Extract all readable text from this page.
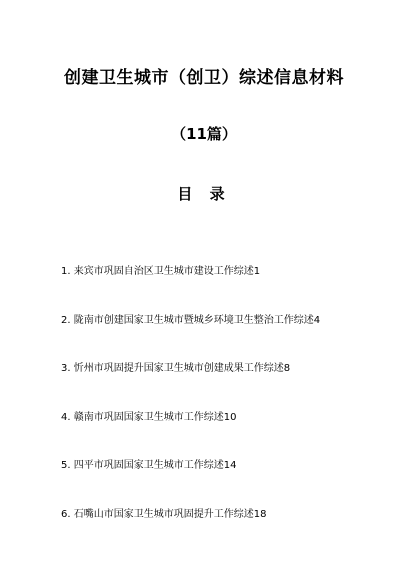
创建卫生城市（创卫）综述信息材料
（11篇）
目 录
1. 来宾市巩固自治区卫生城市建设工作综述1
2. 陇南市创建国家卫生城市暨城乡环境卫生整治工作综述4
3. 忻州市巩固提升国家卫生城市创建成果工作综述8
4. 赣南市巩固国家卫生城市工作综述10
5. 四平市巩固国家卫生城市工作综述14
6. 石嘴山市国家卫生城市巩固提升工作综述18
